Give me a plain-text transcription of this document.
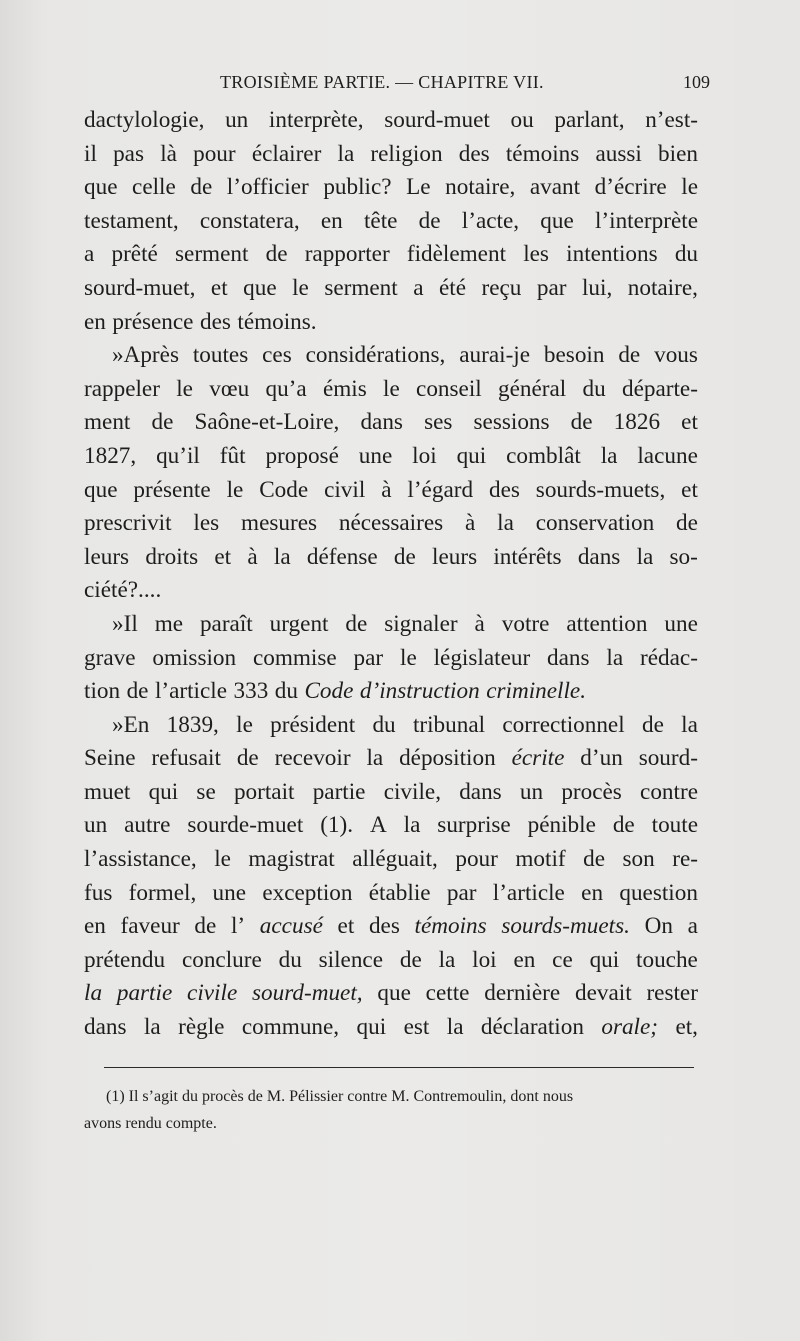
TROISIÈME PARTIE. — CHAPITRE VII.	109
dactylologie, un interprète, sourd-muet ou parlant, n’est-
il pas là pour éclairer la religion des témoins aussi bien
que celle de l’officier public? Le notaire, avant d’écrire le
testament, constatera, en tête de l’acte, que l’interprète
a prêté serment de rapporter fidèlement les intentions du
sourd-muet, et que le serment a été reçu par lui, notaire,
en présence des témoins.
»Après toutes ces considérations, aurai-je besoin de vous
rappeler le vœu qu’a émis le conseil général du départe-
ment de Saône-et-Loire, dans ses sessions de 1826 et
1827, qu’il fût proposé une loi qui comblât la lacune
que présente le Code civil à l’égard des sourds-muets, et
prescrivit les mesures nécessaires à la conservation de
leurs droits et à la défense de leurs intérêts dans la so-
ciété?....
»Il me paraît urgent de signaler à votre attention une
grave omission commise par le législateur dans la rédac-
tion de l’article 333 du Code d’instruction criminelle.
»En 1839, le président du tribunal correctionnel de la
Seine refusait de recevoir la déposition écrite d’un sourd-
muet qui se portait partie civile, dans un procès contre
un autre sourde-muet (1). A la surprise pénible de toute
l’assistance, le magistrat alléguait, pour motif de son re-
fus formel, une exception établie par l’article en question
en faveur de l’ accusé et des témoins sourds-muets. On a
prétendu conclure du silence de la loi en ce qui touche
la partie civile sourd-muet, que cette dernière devait rester
dans la règle commune, qui est la déclaration orale; et,
(1) Il s’agit du procès de M. Pélissier contre M. Contremoulin, dont nous
avons rendu compte.
